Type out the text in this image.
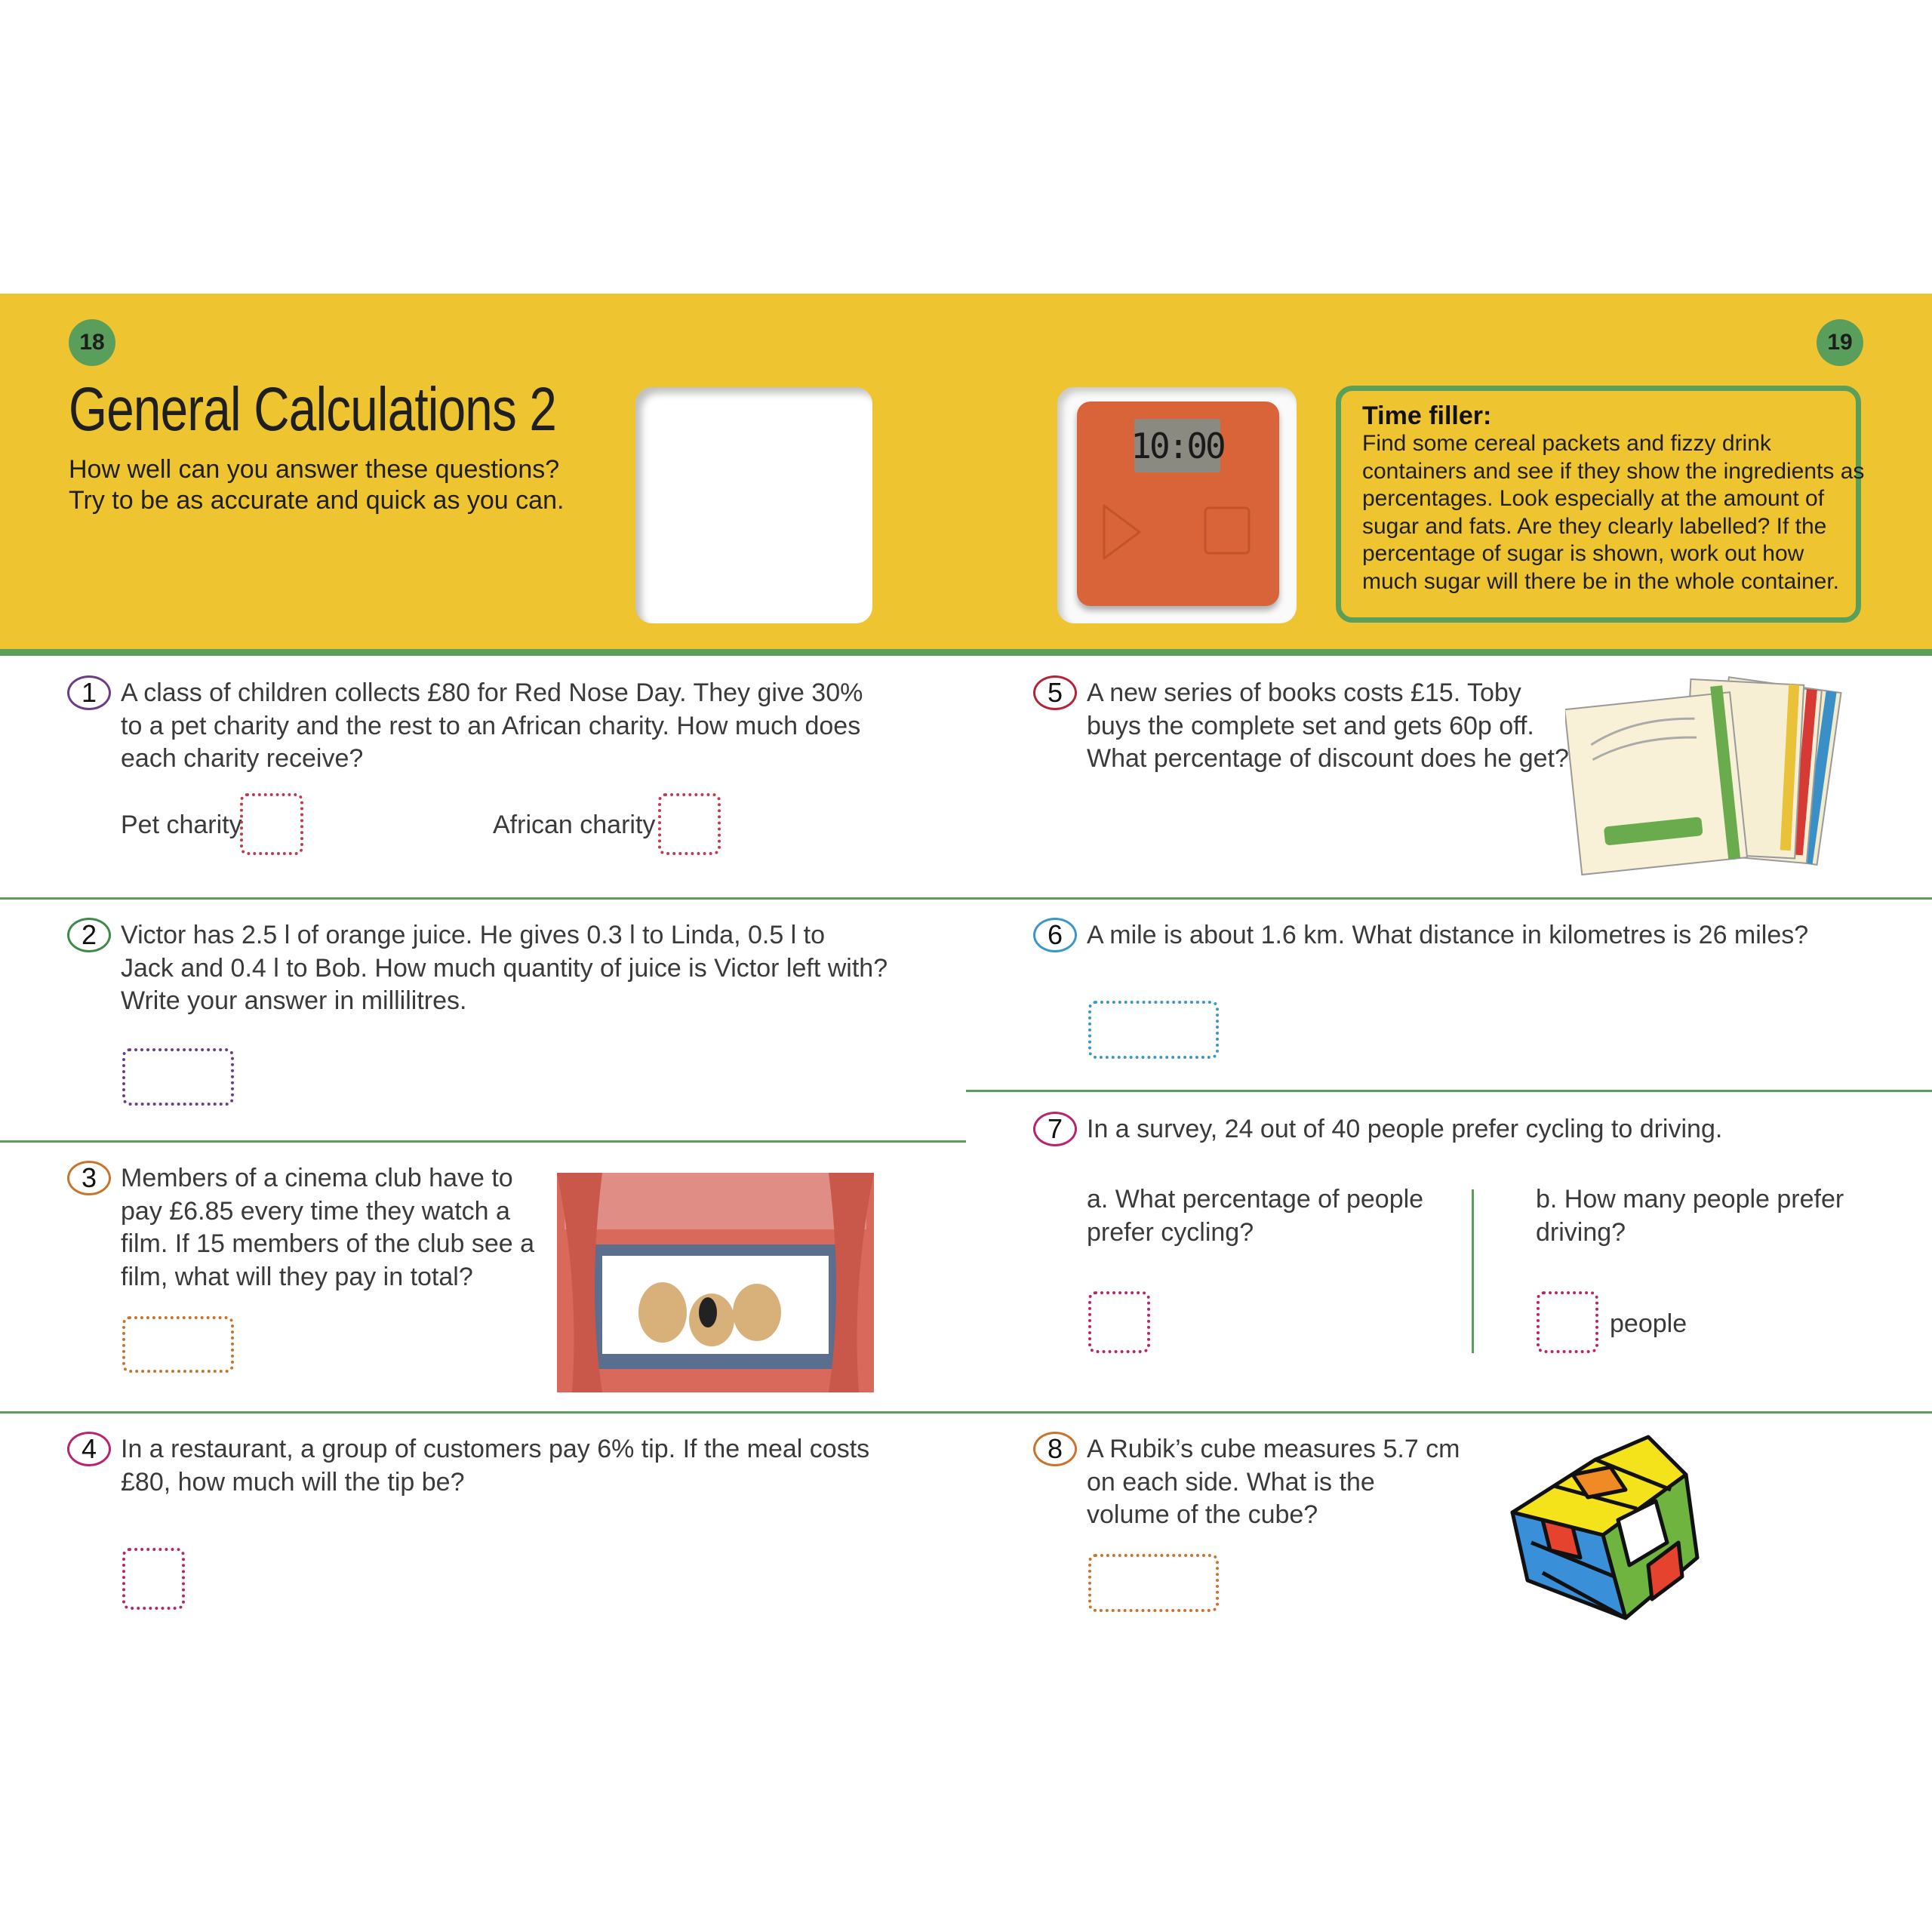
18	19
General Calculations 2
How well can you answer these questions?
Try to be as accurate and quick as you can.
10:00
Time filler:
Find some cereal packets and fizzy drink
containers and see if they show the ingredients as
percentages. Look especially at the amount of
sugar and fats. Are they clearly labelled? If the
percentage of sugar is shown, work out how
much sugar will there be in the whole container.
1 A class of children collects £80 for Red Nose Day. They give 30%
to a pet charity and the rest to an African charity. How much does
each charity receive?
Pet charity	African charity
2 Victor has 2.5 l of orange juice. He gives 0.3 l to Linda, 0.5 l to
Jack and 0.4 l to Bob. How much quantity of juice is Victor left with?
Write your answer in millilitres.
3 Members of a cinema club have to
pay £6.85 every time they watch a
film. If 15 members of the club see a
film, what will they pay in total?
4 In a restaurant, a group of customers pay 6% tip. If the meal costs
£80, how much will the tip be?
5 A new series of books costs £15. Toby
buys the complete set and gets 60p off.
What percentage of discount does he get?
6 A mile is about 1.6 km. What distance in kilometres is 26 miles?
7 In a survey, 24 out of 40 people prefer cycling to driving.
a. What percentage of people
prefer cycling?
b. How many people prefer
driving?
people
8 A Rubik’s cube measures 5.7 cm
on each side. What is the
volume of the cube?
